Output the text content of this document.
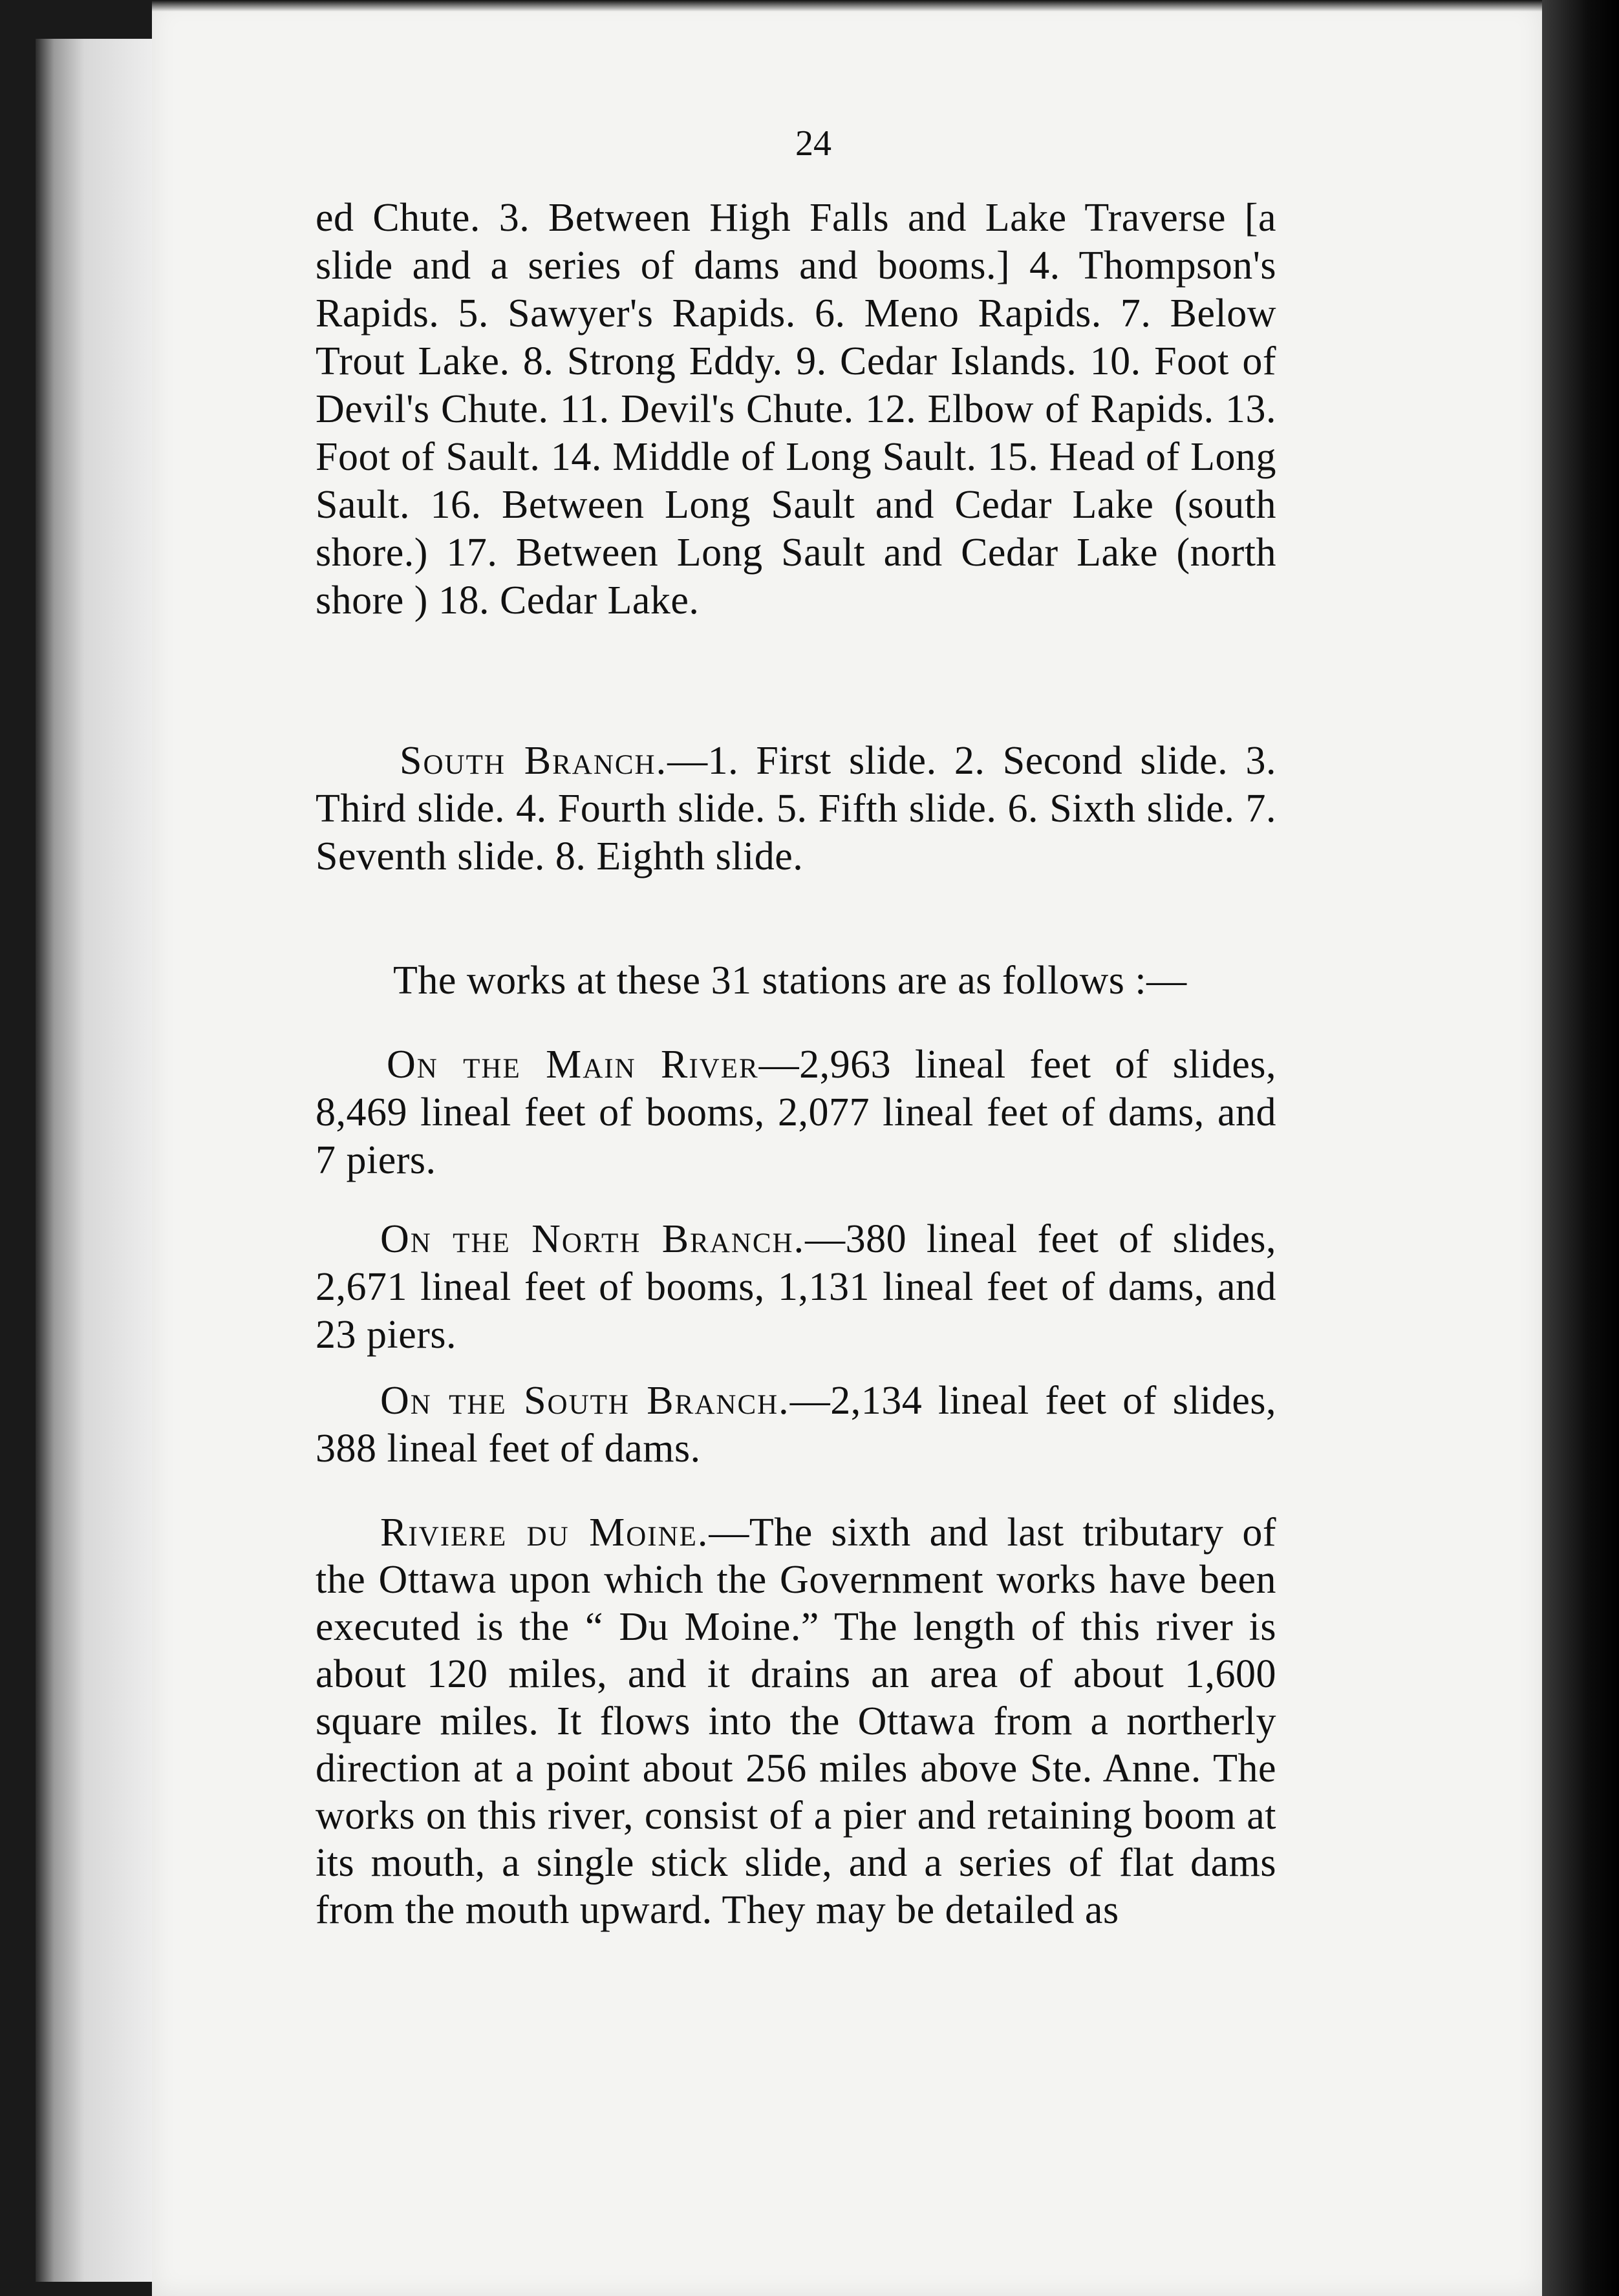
24

ed Chute. 3. Between High Falls and Lake Traverse [a slide and a series of dams and booms.] 4. Thompson's Rapids. 5. Sawyer's Rapids. 6. Meno Rapids. 7. Below Trout Lake. 8. Strong Eddy. 9. Cedar Islands. 10. Foot of Devil's Chute. 11. Devil's Chute. 12. Elbow of Rapids. 13. Foot of Sault. 14. Middle of Long Sault. 15. Head of Long Sault. 16. Between Long Sault and Cedar Lake (south shore.) 17. Between Long Sault and Cedar Lake (north shore ) 18. Cedar Lake.

South Branch.—1. First slide. 2. Second slide. 3. Third slide. 4. Fourth slide. 5. Fifth slide. 6. Sixth slide. 7. Seventh slide. 8. Eighth slide.

The works at these 31 stations are as follows :—

On the Main River—2,963 lineal feet of slides, 8,469 lineal feet of booms, 2,077 lineal feet of dams, and 7 piers.

On the North Branch.—380 lineal feet of slides, 2,671 lineal feet of booms, 1,131 lineal feet of dams, and 23 piers.

On the South Branch.—2,134 lineal feet of slides, 388 lineal feet of dams.

Riviere du Moine.—The sixth and last tributary of the Ottawa upon which the Government works have been executed is the “ Du Moine.” The length of this river is about 120 miles, and it drains an area of about 1,600 square miles. It flows into the Ottawa from a northerly direction at a point about 256 miles above Ste. Anne. The works on this river, consist of a pier and retaining boom at its mouth, a single stick slide, and a series of flat dams from the mouth upward. They may be detailed as
